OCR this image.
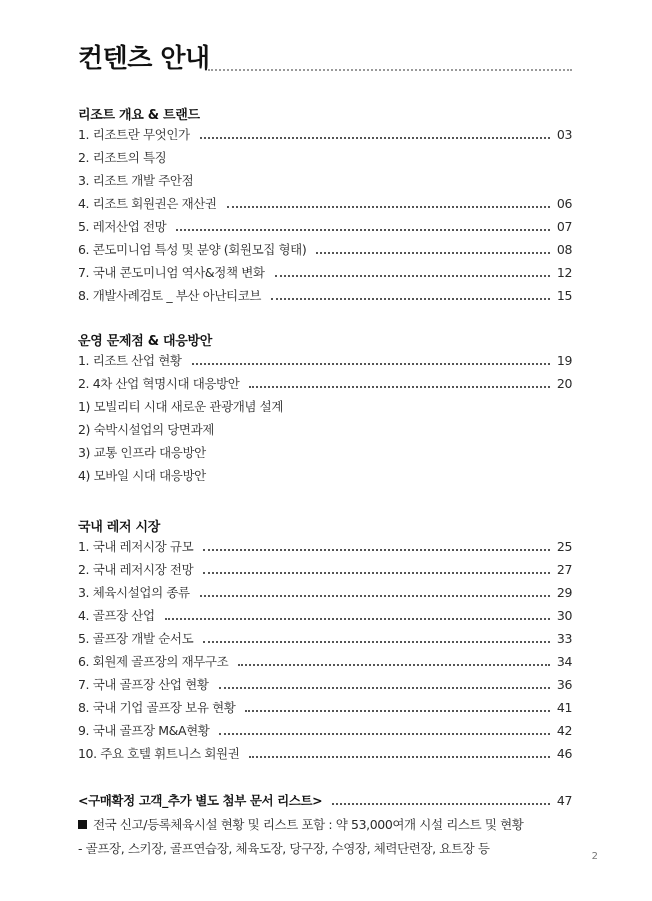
컨텐츠 안내
리조트 개요 & 트랜드
1. 리조트란 무엇인가	03
2. 리조트의 특징
3. 리조트 개발 주안점
4. 리조트 회원권은 재산권	06
5. 레저산업 전망	07
6. 콘도미니엄 특성 및 분양 (회원모집 형태)	08
7. 국내 콘도미니엄 역사&정책 변화	12
8. 개발사례검토 _ 부산 아난티코브	15
운영 문제점 & 대응방안
1. 리조트 산업 현황	19
2. 4차 산업 혁명시대 대응방안	20
1) 모빌리티 시대 새로운 관광개념 설계
2) 숙박시설업의 당면과제
3) 교통 인프라 대응방안
4) 모바일 시대 대응방안
국내 레저 시장
1. 국내 레저시장 규모	25
2. 국내 레저시장 전망	27
3. 체육시설업의 종류	29
4. 골프장 산업	30
5. 골프장 개발 순서도	33
6. 회원제 골프장의 재무구조	34
7. 국내 골프장 산업 현황	36
8. 국내 기업 골프장 보유 현황	41
9. 국내 골프장 M&A현황	42
10. 주요 호텔 휘트니스 회원권	46
<구매확정 고객_추가 별도 첨부 문서 리스트>	47
전국 신고/등록체육시설 현황 및 리스트 포함 : 약 53,000여개 시설 리스트 및 현황
- 골프장, 스키장, 골프연습장, 체육도장, 당구장, 수영장, 체력단련장, 요트장 등
2
